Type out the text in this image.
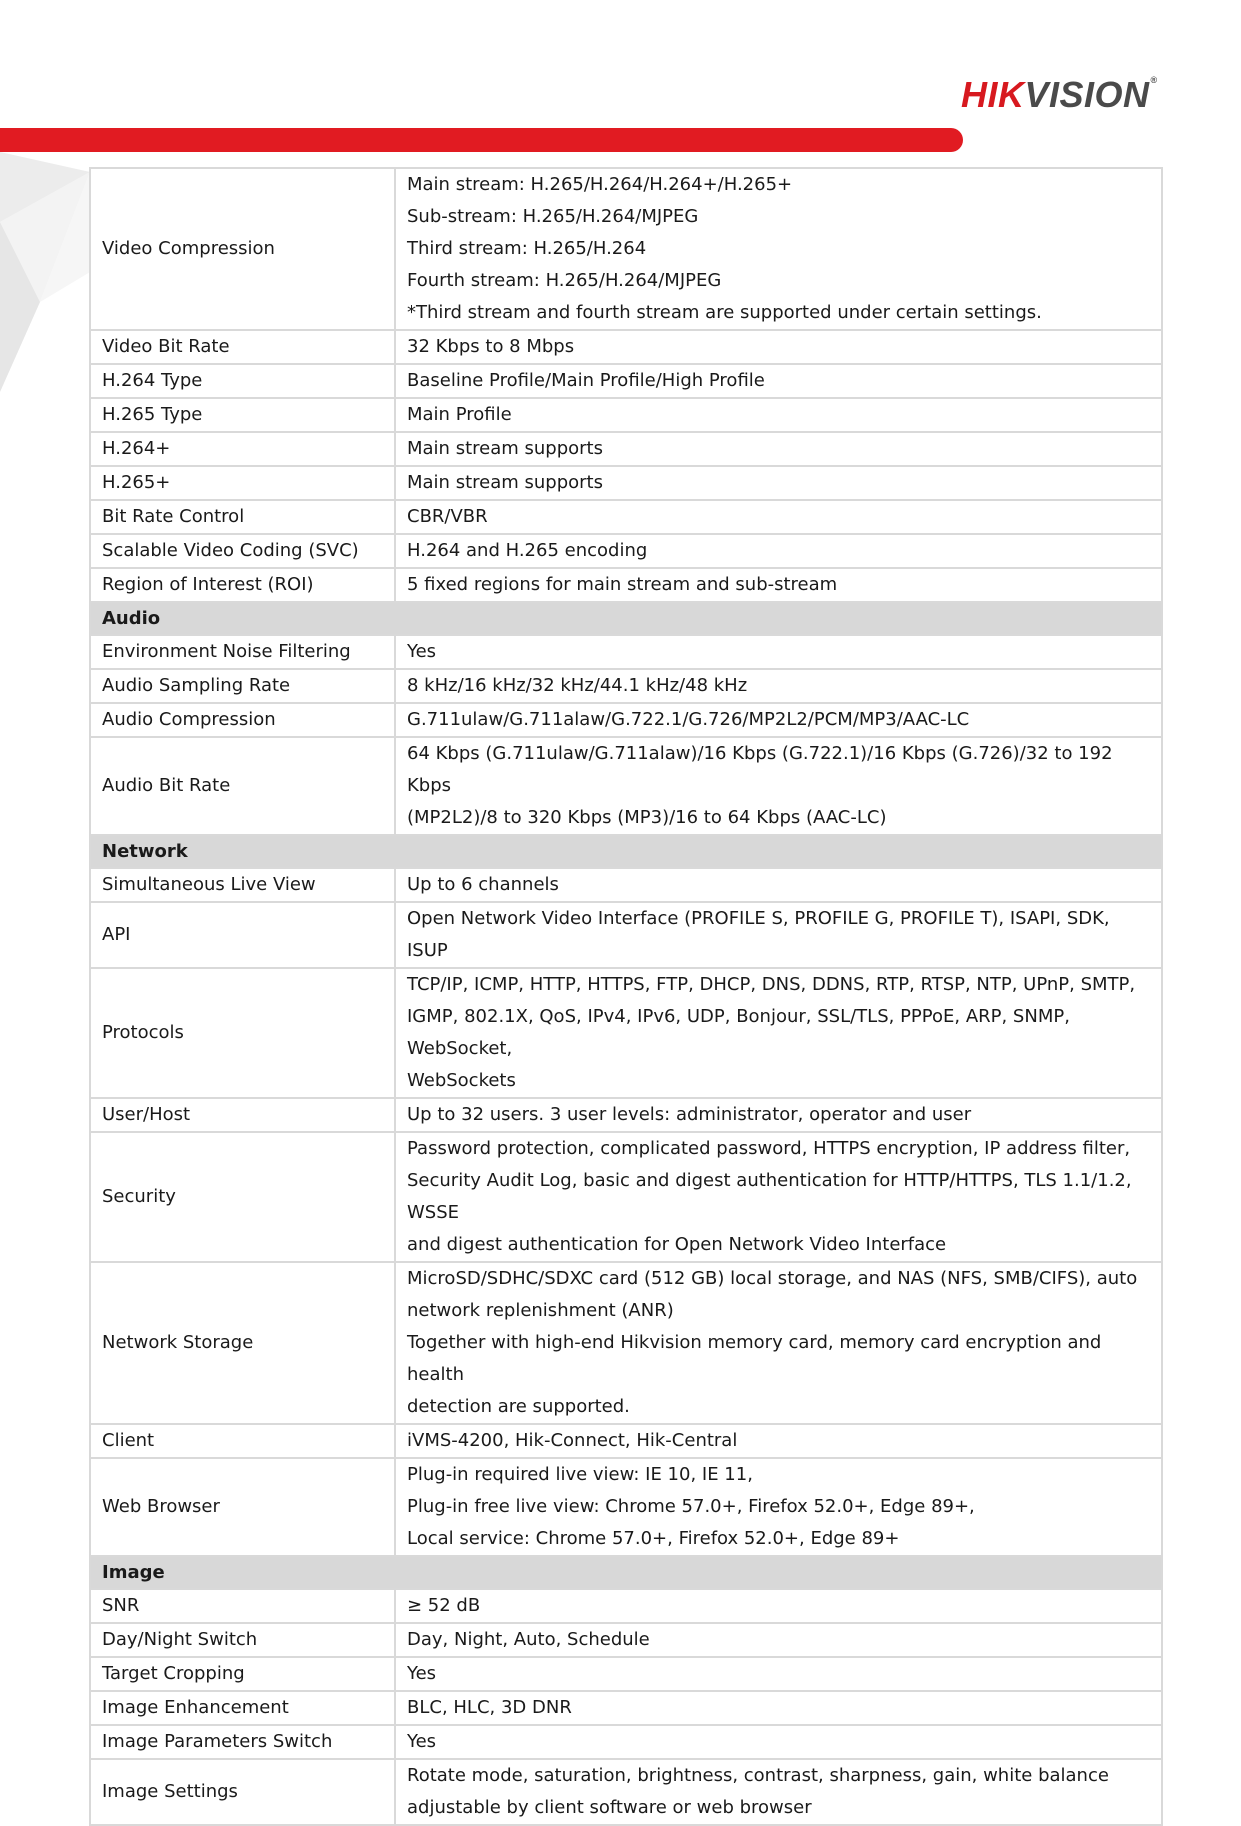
HIKVISION®
Video Compression	Main stream: H.265/H.264/H.264+/H.265+
Sub-stream: H.265/H.264/MJPEG
Third stream: H.265/H.264
Fourth stream: H.265/H.264/MJPEG
*Third stream and fourth stream are supported under certain settings.

Video Bit Rate	32 Kbps to 8 Mbps

H.264 Type	Baseline Profile/Main Profile/High Profile

H.265 Type	Main Profile

H.264+	Main stream supports

H.265+	Main stream supports

Bit Rate Control	CBR/VBR

Scalable Video Coding (SVC)	H.264 and H.265 encoding

Region of Interest (ROI)	5 fixed regions for main stream and sub-stream

Audio	
Environment Noise Filtering	Yes

Audio Sampling Rate	8 kHz/16 kHz/32 kHz/44.1 kHz/48 kHz

Audio Compression	G.711ulaw/G.711alaw/G.722.1/G.726/MP2L2/PCM/MP3/AAC-LC

Audio Bit Rate	64 Kbps (G.711ulaw/G.711alaw)/16 Kbps (G.722.1)/16 Kbps (G.726)/32 to 192 Kbps
(MP2L2)/8 to 320 Kbps (MP3)/16 to 64 Kbps (AAC-LC)

Network	
Simultaneous Live View	Up to 6 channels

API	Open Network Video Interface (PROFILE S, PROFILE G, PROFILE T), ISAPI, SDK, ISUP

Protocols	TCP/IP, ICMP, HTTP, HTTPS, FTP, DHCP, DNS, DDNS, RTP, RTSP, NTP, UPnP, SMTP,
IGMP, 802.1X, QoS, IPv4, IPv6, UDP, Bonjour, SSL/TLS, PPPoE, ARP, SNMP, WebSocket,
WebSockets

User/Host	Up to 32 users. 3 user levels: administrator, operator and user

Security	Password protection, complicated password, HTTPS encryption, IP address filter,
Security Audit Log, basic and digest authentication for HTTP/HTTPS, TLS 1.1/1.2, WSSE
and digest authentication for Open Network Video Interface

Network Storage	MicroSD/SDHC/SDXC card (512 GB) local storage, and NAS (NFS, SMB/CIFS), auto
network replenishment (ANR)
Together with high-end Hikvision memory card, memory card encryption and health
detection are supported.

Client	iVMS-4200, Hik-Connect, Hik-Central

Web Browser	Plug-in required live view: IE 10, IE 11,
Plug-in free live view: Chrome 57.0+, Firefox 52.0+, Edge 89+,
Local service: Chrome 57.0+, Firefox 52.0+, Edge 89+

Image	
SNR	≥ 52 dB

Day/Night Switch	Day, Night, Auto, Schedule

Target Cropping	Yes

Image Enhancement	BLC, HLC, 3D DNR

Image Parameters Switch	Yes

Image Settings	Rotate mode, saturation, brightness, contrast, sharpness, gain, white balance
adjustable by client software or web browser
